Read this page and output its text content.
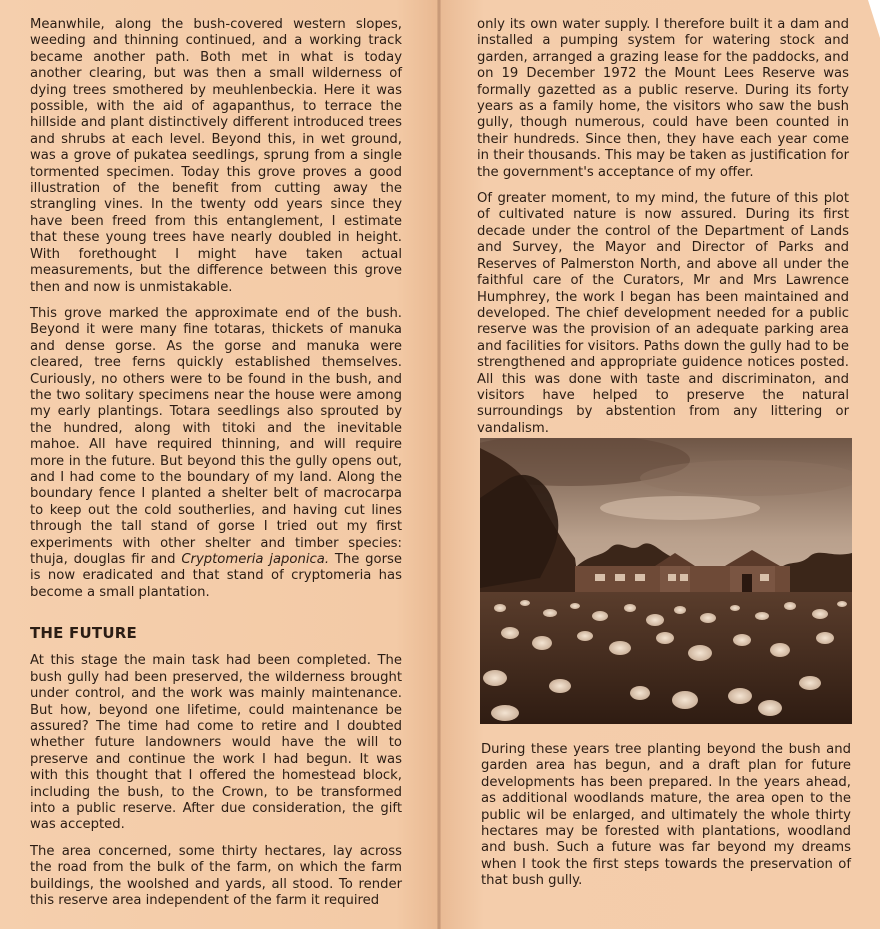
Meanwhile, along the bush-covered western slopes, weeding and thinning continued, and a working track became another path. Both met in what is today another clearing, but was then a small wilderness of dying trees smothered by meuhlenbeckia. Here it was possible, with the aid of agapanthus, to terrace the hillside and plant distinctively different introduced trees and shrubs at each level. Beyond this, in wet ground, was a grove of pukatea seedlings, sprung from a single tormented specimen. Today this grove proves a good illustration of the benefit from cutting away the strangling vines. In the twenty odd years since they have been freed from this entanglement, I estimate that these young trees have nearly doubled in height. With forethought I might have taken actual measurements, but the difference between this grove then and now is unmistakable.

This grove marked the approximate end of the bush. Beyond it were many fine totaras, thickets of manuka and dense gorse. As the gorse and manuka were cleared, tree ferns quickly established themselves. Curiously, no others were to be found in the bush, and the two solitary specimens near the house were among my early plantings. Totara seedlings also sprouted by the hundred, along with titoki and the inevitable mahoe. All have required thinning, and will require more in the future. But beyond this the gully opens out, and I had come to the boundary of my land. Along the boundary fence I planted a shelter belt of macrocarpa to keep out the cold southerlies, and having cut lines through the tall stand of gorse I tried out my first experiments with other shelter and timber species: thuja, douglas fir and Cryptomeria japonica. The gorse is now eradicated and that stand of cryptomeria has become a small plantation.

THE FUTURE

At this stage the main task had been completed. The bush gully had been preserved, the wilderness brought under control, and the work was mainly maintenance. But how, beyond one lifetime, could maintenance be assured? The time had come to retire and I doubted whether future landowners would have the will to preserve and continue the work I had begun. It was with this thought that I offered the homestead block, including the bush, to the Crown, to be transformed into a public reserve. After due consideration, the gift was accepted.

The area concerned, some thirty hectares, lay across the road from the bulk of the farm, on which the farm buildings, the woolshed and yards, all stood. To render this reserve area independent of the farm it required

only its own water supply. I therefore built it a dam and installed a pumping system for watering stock and garden, arranged a grazing lease for the paddocks, and on 19 December 1972 the Mount Lees Reserve was formally gazetted as a public reserve. During its forty years as a family home, the visitors who saw the bush gully, though numerous, could have been counted in their hundreds. Since then, they have each year come in their thousands. This may be taken as justification for the government's acceptance of my offer.

Of greater moment, to my mind, the future of this plot of cultivated nature is now assured. During its first decade under the control of the Department of Lands and Survey, the Mayor and Director of Parks and Reserves of Palmerston North, and above all under the faithful care of the Curators, Mr and Mrs Lawrence Humphrey, the work I began has been maintained and developed. The chief development needed for a public reserve was the provision of an adequate parking area and facilities for visitors. Paths down the gully had to be strengthened and appropriate guidence notices posted. All this was done with taste and discriminaton, and visitors have helped to preserve the natural surroundings by abstention from any littering or vandalism.

During these years tree planting beyond the bush and garden area has begun, and a draft plan for future developments has been prepared. In the years ahead, as additional woodlands mature, the area open to the public wil be enlarged, and ultimately the whole thirty hectares may be forested with plantations, woodland and bush. Such a future was far beyond my dreams when I took the first steps towards the preservation of that bush gully.
